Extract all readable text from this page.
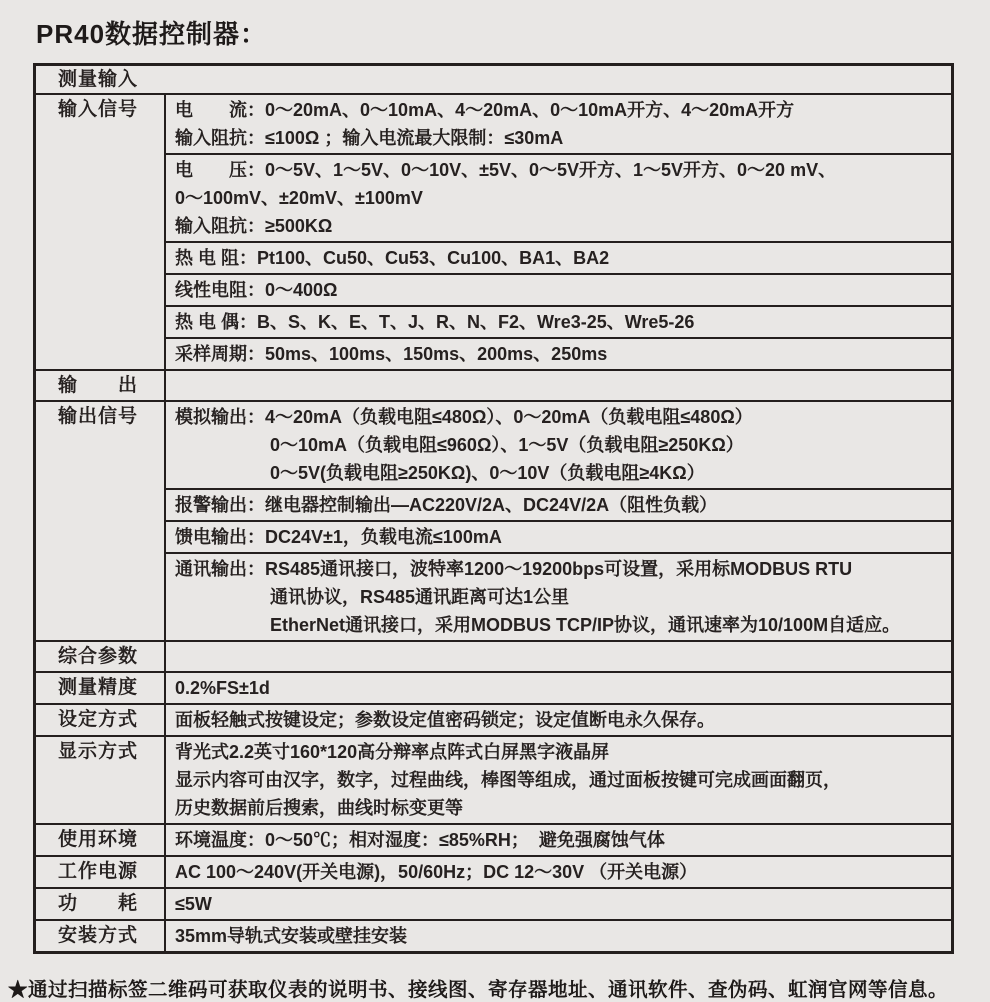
PR40数据控制器：
测量输入
输入信号	电　　流：0～20mA、0～10mA、4～20mA、0～10mA开方、4～20mA开方
输入阻抗：≤100Ω ；输入电流最大限制：≤30mA
电　　压：0～5V、1～5V、0～10V、±5V、0～5V开方、1～5V开方、0～20 mV、
0～100mV、±20mV、±100mV
输入阻抗：≥500KΩ
热 电 阻：Pt100、Cu50、Cu53、Cu100、BA1、BA2
线性电阻：0～400Ω
热 电 偶：B、S、K、E、T、J、R、N、F2、Wre3-25、Wre5-26
采样周期：50ms、100ms、150ms、200ms、250ms
输　　出
输出信号	模拟输出：4～20mA（负载电阻≤480Ω）、0～20mA（负载电阻≤480Ω）
0～10mA（负载电阻≤960Ω）、1～5V（负载电阻≥250KΩ）
0～5V(负载电阻≥250KΩ)、0～10V（负载电阻≥4KΩ）
报警输出：继电器控制输出—AC220V/2A、DC24V/2A（阻性负载）
馈电输出：DC24V±1，负载电流≤100mA
通讯输出：RS485通讯接口，波特率1200～19200bps可设置，采用标MODBUS RTU
通讯协议，RS485通讯距离可达1公里
EtherNet通讯接口，采用MODBUS TCP/IP协议，通讯速率为10/100M自适应。
综合参数
测量精度	0.2%FS±1d
设定方式	面板轻触式按键设定；参数设定值密码锁定；设定值断电永久保存。
显示方式	背光式2.2英寸160*120高分辩率点阵式白屏黑字液晶屏
显示内容可由汉字，数字，过程曲线，棒图等组成，通过面板按键可完成画面翻页，
历史数据前后搜索，曲线时标变更等
使用环境	环境温度：0～50℃；相对湿度：≤85%RH；  避免强腐蚀气体
工作电源	AC 100～240V(开关电源)，50/60Hz；DC 12～30V （开关电源）
功　　耗	≤5W
安装方式	35mm导轨式安装或壁挂安装
★通过扫描标签二维码可获取仪表的说明书、接线图、寄存器地址、通讯软件、查伪码、虹润官网等信息。
